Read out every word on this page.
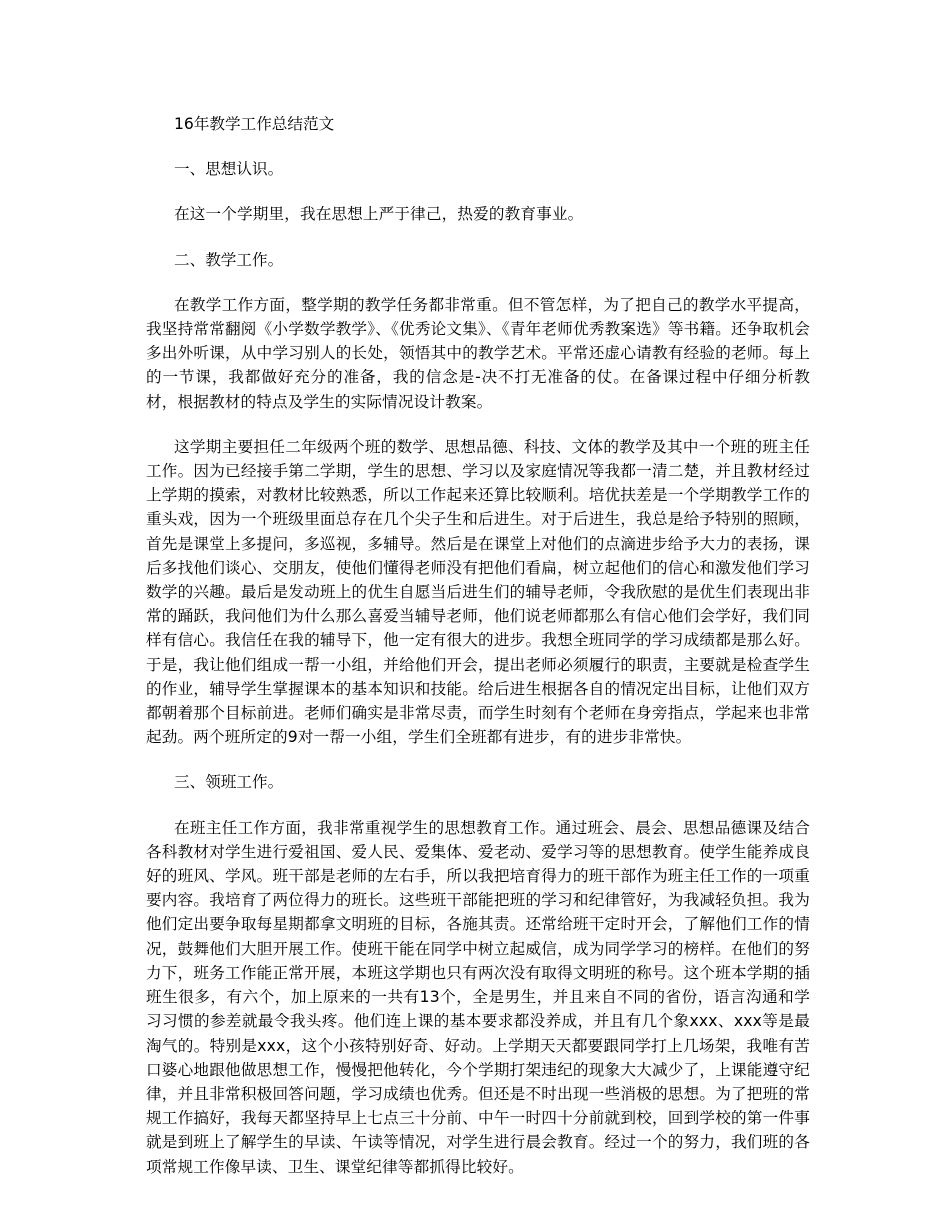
16年教学工作总结范文

一、思想认识。

在这一个学期里，我在思想上严于律己，热爱的教育事业。

二、教学工作。

在教学工作方面，整学期的教学任务都非常重。但不管怎样，为了把自己的教学水平提高，我坚持常常翻阅《小学数学教学》、《优秀论文集》、《青年老师优秀教案选》等书籍。还争取机会多出外听课，从中学习别人的长处，领悟其中的教学艺术。平常还虚心请教有经验的老师。每上的一节课，我都做好充分的准备，我的信念是-决不打无准备的仗。在备课过程中仔细分析教材，根据教材的特点及学生的实际情况设计教案。

这学期主要担任二年级两个班的数学、思想品德、科技、文体的教学及其中一个班的班主任工作。因为已经接手第二学期，学生的思想、学习以及家庭情况等我都一清二楚，并且教材经过上学期的摸索，对教材比较熟悉，所以工作起来还算比较顺利。培优扶差是一个学期教学工作的重头戏，因为一个班级里面总存在几个尖子生和后进生。对于后进生，我总是给予特别的照顾，首先是课堂上多提问，多巡视，多辅导。然后是在课堂上对他们的点滴进步给予大力的表扬，课后多找他们谈心、交朋友，使他们懂得老师没有把他们看扁，树立起他们的信心和激发他们学习数学的兴趣。最后是发动班上的优生自愿当后进生们的辅导老师，令我欣慰的是优生们表现出非常的踊跃，我问他们为什么那么喜爱当辅导老师，他们说老师都那么有信心他们会学好，我们同样有信心。我信任在我的辅导下，他一定有很大的进步。我想全班同学的学习成绩都是那么好。于是，我让他们组成一帮一小组，并给他们开会，提出老师必须履行的职责，主要就是检查学生的作业，辅导学生掌握课本的基本知识和技能。给后进生根据各自的情况定出目标，让他们双方都朝着那个目标前进。老师们确实是非常尽责，而学生时刻有个老师在身旁指点，学起来也非常起劲。两个班所定的9对一帮一小组，学生们全班都有进步，有的进步非常快。

三、领班工作。

在班主任工作方面，我非常重视学生的思想教育工作。通过班会、晨会、思想品德课及结合各科教材对学生进行爱祖国、爱人民、爱集体、爱老动、爱学习等的思想教育。使学生能养成良好的班风、学风。班干部是老师的左右手，所以我把培育得力的班干部作为班主任工作的一项重要内容。我培育了两位得力的班长。这些班干部能把班的学习和纪律管好，为我减轻负担。我为他们定出要争取每星期都拿文明班的目标，各施其责。还常给班干定时开会，了解他们工作的情况，鼓舞他们大胆开展工作。使班干能在同学中树立起威信，成为同学学习的榜样。在他们的努力下，班务工作能正常开展，本班这学期也只有两次没有取得文明班的称号。这个班本学期的插班生很多，有六个，加上原来的一共有13个，全是男生，并且来自不同的省份，语言沟通和学习习惯的参差就最令我头疼。他们连上课的基本要求都没养成，并且有几个象xxx、xxx等是最淘气的。特别是xxx，这个小孩特别好奇、好动。上学期天天都要跟同学打上几场架，我唯有苦口婆心地跟他做思想工作，慢慢把他转化，今个学期打架违纪的现象大大减少了，上课能遵守纪律，并且非常积极回答问题，学习成绩也优秀。但还是不时出现一些消极的思想。为了把班的常规工作搞好，我每天都坚持早上七点三十分前、中午一时四十分前就到校，回到学校的第一件事就是到班上了解学生的早读、午读等情况，对学生进行晨会教育。经过一个的努力，我们班的各项常规工作像早读、卫生、课堂纪律等都抓得比较好。
